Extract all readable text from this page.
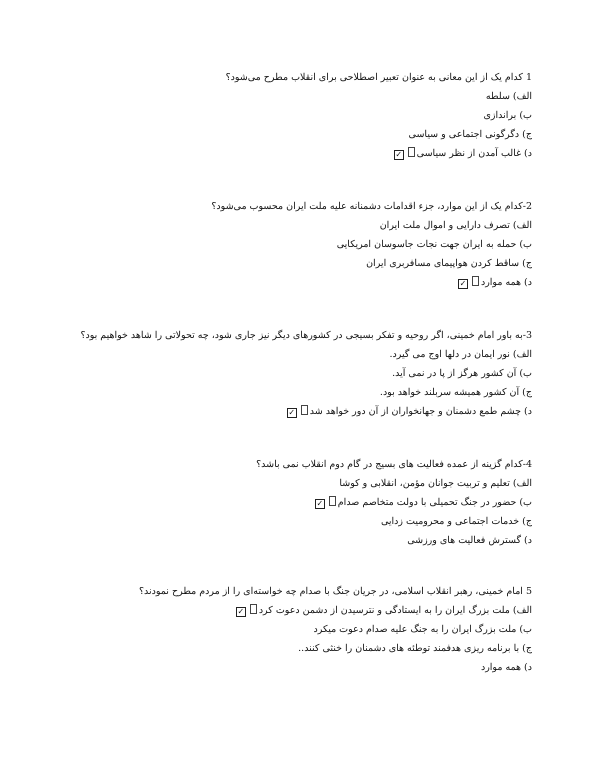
1 کدام یک از این معانی به عنوان تعبیر اصطلاحی برای انقلاب مطرح می‌شود؟
الف) سلطه
ب) براندازی
ج) دگرگونی اجتماعی و سیاسی
د) غالب آمدن از نظر سیاسی✓
2-کدام یک از این موارد، جزء اقدامات دشمنانه علیه ملت ایران محسوب می‌شود؟
الف) تصرف دارایی و اموال ملت ایران
ب) حمله به ایران جهت نجات جاسوسان امریکایی
ج) ساقط کردن هواپیمای مسافربری ایران
د) همه موارد✓
3-به باور امام خمینی، اگر روحیه و تفکر بسیجی در کشورهای دیگر نیز جاری شود، چه تحولاتی را شاهد خواهیم بود؟
الف) نور ایمان در دلها اوج می گیرد.
ب) آن کشور هرگز از پا در نمی آید.
ج) آن کشور همیشه سربلند خواهد بود.
د) چشم طمع دشمنان و جهانخواران از آن دور خواهد شد✓
4-کدام گزینه از عمده فعالیت های بسیج در گام دوم انقلاب نمی باشد؟
الف) تعلیم و تربیت جوانان مؤمن، انقلابی و کوشا
ب) حضور در جنگ تحمیلی با دولت متخاصم صدام✓
ج) خدمات اجتماعی و محرومیت زدایی
د) گسترش فعالیت های ورزشی
5 امام خمینی، رهبر انقلاب اسلامی، در جریان جنگ با صدام چه خواسته‌ای را از مردم مطرح نمودند؟
الف) ملت بزرگ ایران را به ایستادگی و نترسیدن از دشمن دعوت کرد✓
ب) ملت بزرگ ایران را به جنگ علیه صدام دعوت میکرد
ج) با برنامه ریزی هدفمند توطئه های دشمنان را خنثی کنند..
د) همه موارد
